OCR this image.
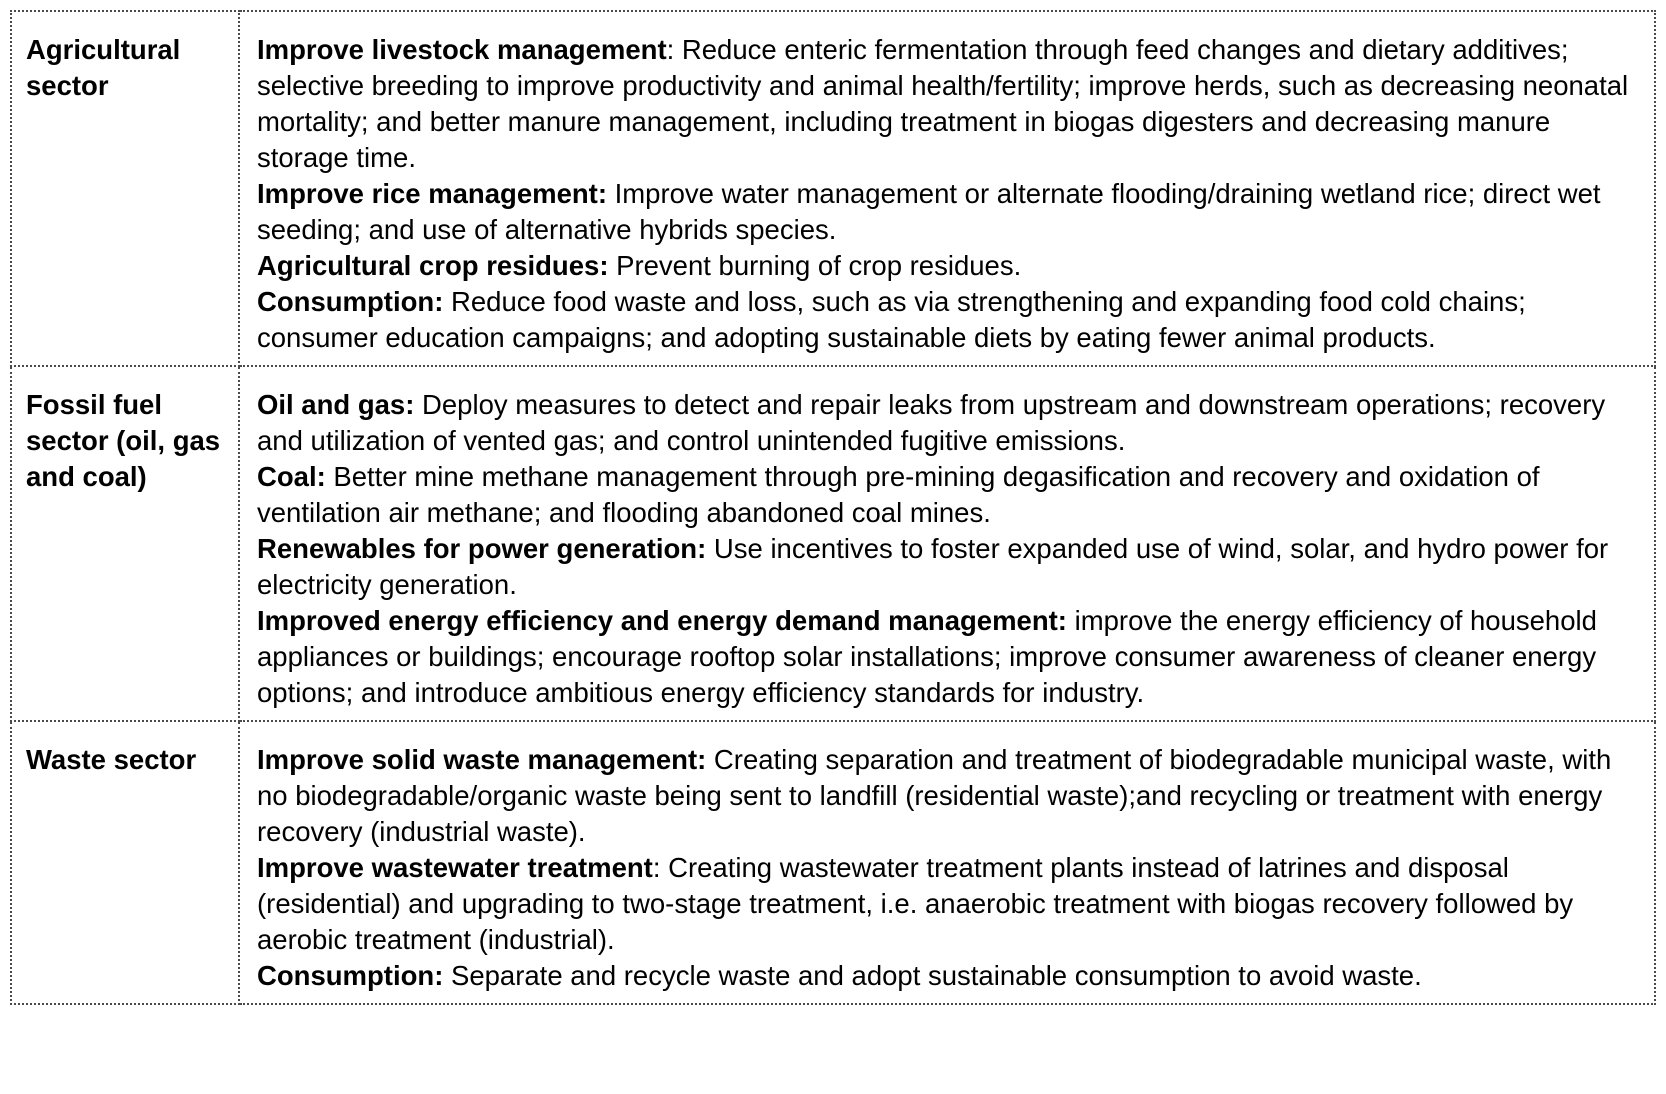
Agricultural sector	Improve livestock management: Reduce enteric fermentation through feed changes and dietary additives; selective breeding to improve productivity and animal health/fertility; improve herds, such as decreasing neonatal mortality; and better manure management, including treatment in biogas digesters and decreasing manure storage time.
Improve rice management: Improve water management or alternate flooding/draining wetland rice; direct wet seeding; and use of alternative hybrids species.
Agricultural crop residues: Prevent burning of crop residues.
Consumption: Reduce food waste and loss, such as via strengthening and expanding food cold chains; consumer education campaigns; and adopting sustainable diets by eating fewer animal products.

Fossil fuel sector (oil, gas and coal)	Oil and gas: Deploy measures to detect and repair leaks from upstream and downstream operations; recovery and utilization of vented gas; and control unintended fugitive emissions.
Coal: Better mine methane management through pre-mining degasification and recovery and oxidation of ventilation air methane; and flooding abandoned coal mines.
Renewables for power generation: Use incentives to foster expanded use of wind, solar, and hydro power for electricity generation.
Improved energy efficiency and energy demand management: improve the energy efficiency of household appliances or buildings; encourage rooftop solar installations; improve consumer awareness of cleaner energy options; and introduce ambitious energy efficiency standards for industry.

Waste sector	Improve solid waste management: Creating separation and treatment of biodegradable municipal waste, with no biodegradable/organic waste being sent to landfill (residential waste);and recycling or treatment with energy recovery (industrial waste).
Improve wastewater treatment: Creating wastewater treatment plants instead of latrines and disposal (residential) and upgrading to two-stage treatment, i.e. anaerobic treatment with biogas recovery followed by aerobic treatment (industrial).
Consumption: Separate and recycle waste and adopt sustainable consumption to avoid waste.
